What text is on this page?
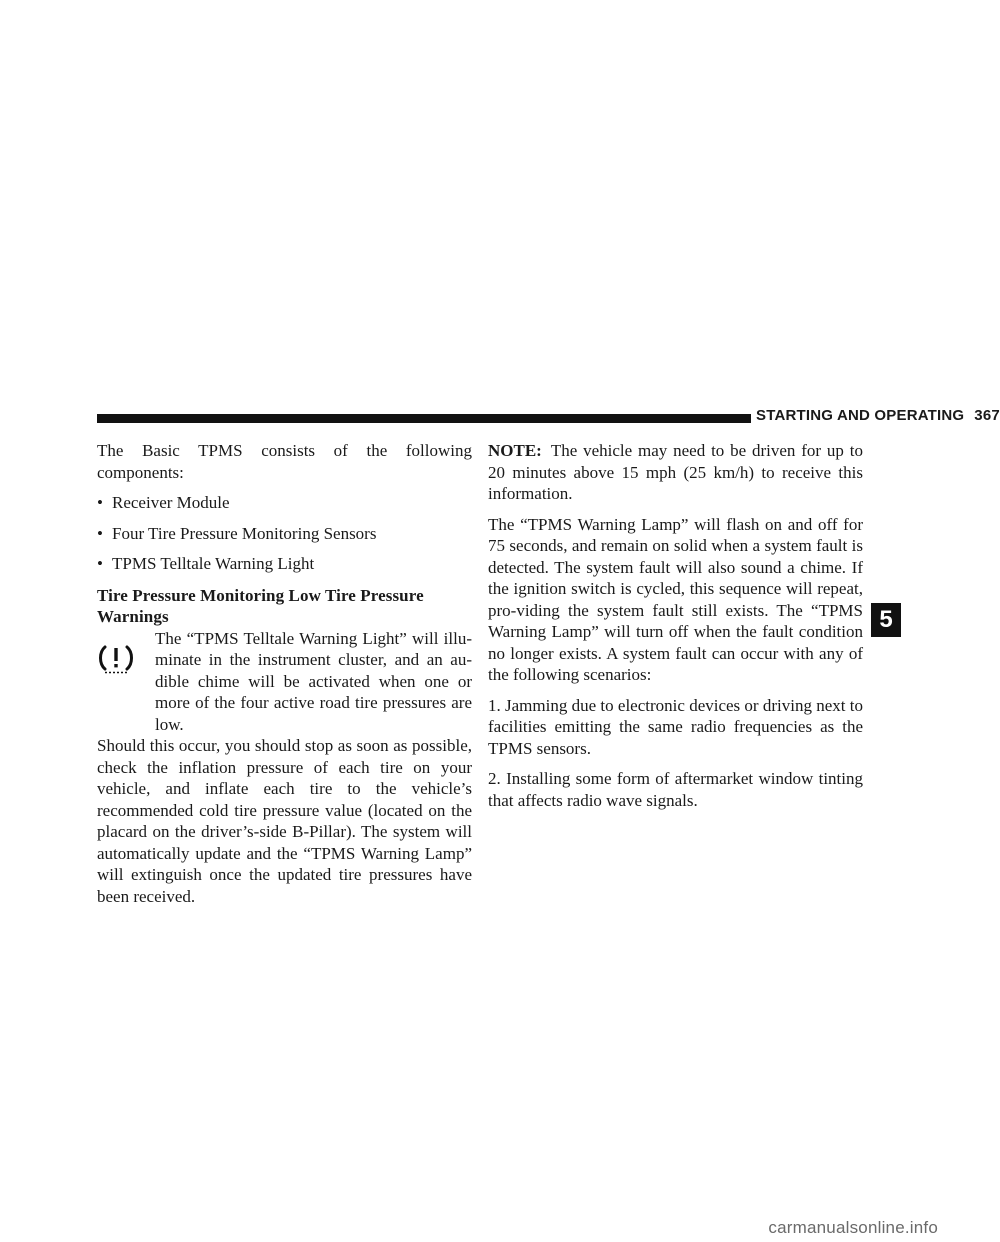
STARTING AND OPERATING 367

The Basic TPMS consists of the following components:

• Receiver Module
• Four Tire Pressure Monitoring Sensors
• TPMS Telltale Warning Light

Tire Pressure Monitoring Low Tire Pressure Warnings

The “TPMS Telltale Warning Light” will illu-minate in the instrument cluster, and an au-dible chime will be activated when one or more of the four active road tire pressures are low.

Should this occur, you should stop as soon as possible, check the inflation pressure of each tire on your vehicle, and inflate each tire to the vehicle’s recommended cold tire pressure value (located on the placard on the driver’s-side B-Pillar). The system will automatically update and the “TPMS Warning Lamp” will extinguish once the updated tire pressures have been received.

NOTE: The vehicle may need to be driven for up to 20 minutes above 15 mph (25 km/h) to receive this information.

The “TPMS Warning Lamp” will flash on and off for 75 seconds, and remain on solid when a system fault is detected. The system fault will also sound a chime. If the ignition switch is cycled, this sequence will repeat, pro-viding the system fault still exists. The “TPMS Warning Lamp” will turn off when the fault condition no longer exists. A system fault can occur with any of the following scenarios:

1. Jamming due to electronic devices or driving next to facilities emitting the same radio frequencies as the TPMS sensors.

2. Installing some form of aftermarket window tinting that affects radio wave signals.

5
carmanualsonline.info
